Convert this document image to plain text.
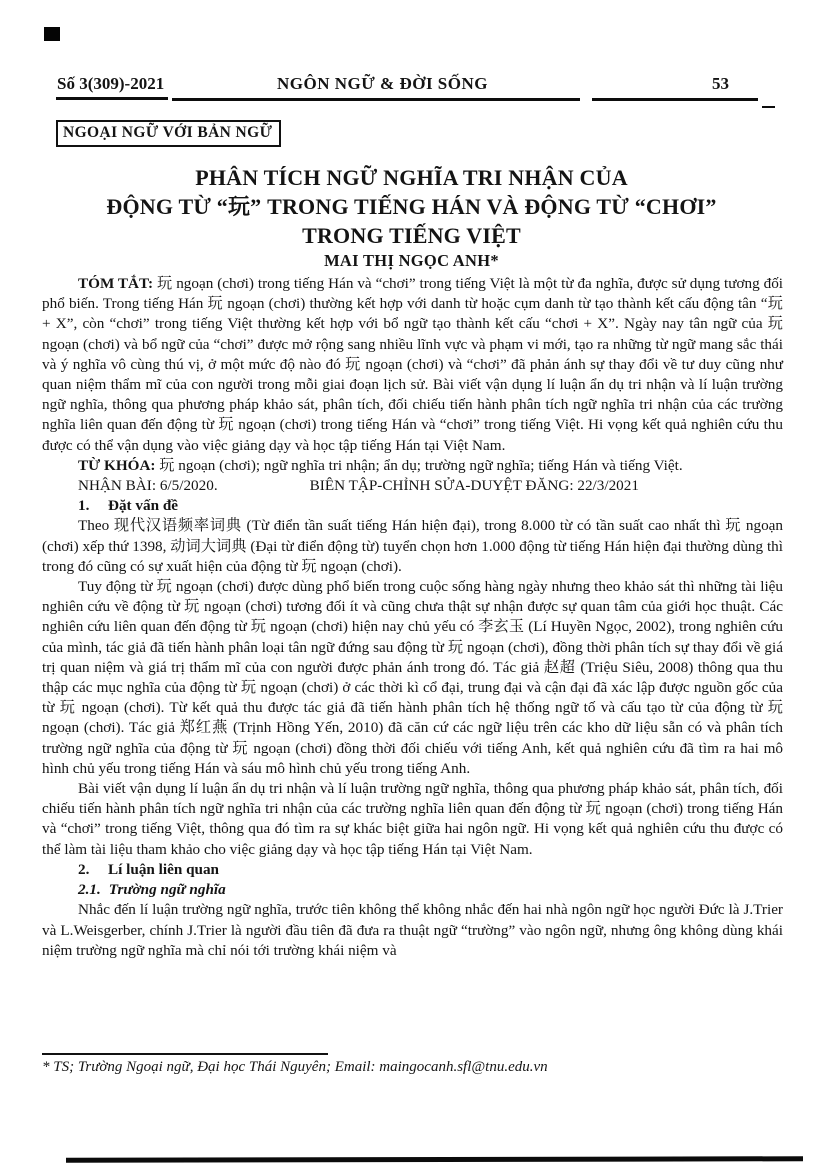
Số 3(309)-2021	NGÔN NGỮ & ĐỜI SỐNG	53
NGOẠI NGỮ VỚI BẢN NGỮ
PHÂN TÍCH NGỮ NGHĨA TRI NHẬN CỦA
ĐỘNG TỪ “玩” TRONG TIẾNG HÁN VÀ ĐỘNG TỪ “CHƠI”
TRONG TIẾNG VIỆT
MAI THỊ NGỌC ANH*

TÓM TẮT: 玩 ngoạn (chơi) trong tiếng Hán và “chơi” trong tiếng Việt là một từ đa nghĩa, được sử dụng tương đối phổ biến. Trong tiếng Hán 玩 ngoạn (chơi) thường kết hợp với danh từ hoặc cụm danh từ tạo thành kết cấu động tân “玩 + X”, còn “chơi” trong tiếng Việt thường kết hợp với bổ ngữ tạo thành kết cấu “chơi + X”. Ngày nay tân ngữ của 玩 ngoạn (chơi) và bổ ngữ của “chơi” được mở rộng sang nhiều lĩnh vực và phạm vi mới, tạo ra những từ ngữ mang sắc thái và ý nghĩa vô cùng thú vị, ở một mức độ nào đó 玩 ngoạn (chơi) và “chơi” đã phản ánh sự thay đổi về tư duy cũng như quan niệm thẩm mĩ của con người trong mỗi giai đoạn lịch sử. Bài viết vận dụng lí luận ẩn dụ tri nhận và lí luận trường ngữ nghĩa, thông qua phương pháp khảo sát, phân tích, đối chiếu tiến hành phân tích ngữ nghĩa tri nhận của các trường nghĩa liên quan đến động từ 玩 ngoạn (chơi) trong tiếng Hán và “chơi” trong tiếng Việt. Hi vọng kết quả nghiên cứu thu được có thể vận dụng vào việc giảng dạy và học tập tiếng Hán tại Việt Nam.

TỪ KHÓA: 玩 ngoạn (chơi); ngữ nghĩa tri nhận; ẩn dụ; trường ngữ nghĩa; tiếng Hán và tiếng Việt.

NHẬN BÀI: 6/5/2020.	BIÊN TẬP-CHỈNH SỬA-DUYỆT ĐĂNG: 22/3/2021

1. Đặt vấn đề

Theo 现代汉语频率词典 (Từ điển tần suất tiếng Hán hiện đại), trong 8.000 từ có tần suất cao nhất thì 玩 ngoạn (chơi) xếp thứ 1398, 动词大词典 (Đại từ điển động từ) tuyển chọn hơn 1.000 động từ tiếng Hán hiện đại thường dùng thì trong đó cũng có sự xuất hiện của động từ 玩 ngoạn (chơi).

Tuy động từ 玩 ngoạn (chơi) được dùng phổ biến trong cuộc sống hàng ngày nhưng theo khảo sát thì những tài liệu nghiên cứu về động từ 玩 ngoạn (chơi) tương đối ít và cũng chưa thật sự nhận được sự quan tâm của giới học thuật. Các nghiên cứu liên quan đến động từ 玩 ngoạn (chơi) hiện nay chủ yếu có 李玄玉 (Lí Huyền Ngọc, 2002), trong nghiên cứu của mình, tác giả đã tiến hành phân loại tân ngữ đứng sau động từ 玩 ngoạn (chơi), đồng thời phân tích sự thay đổi về giá trị quan niệm và giá trị thẩm mĩ của con người được phản ánh trong đó. Tác giả 赵超 (Triệu Siêu, 2008) thông qua thu thập các mục nghĩa của động từ 玩 ngoạn (chơi) ở các thời kì cổ đại, trung đại và cận đại đã xác lập được nguồn gốc của từ 玩 ngoạn (chơi). Từ kết quả thu được tác giả đã tiến hành phân tích hệ thống ngữ tố và cấu tạo từ của động từ 玩 ngoạn (chơi). Tác giả 郑红燕 (Trịnh Hồng Yến, 2010) đã căn cứ các ngữ liệu trên các kho dữ liệu sẵn có và phân tích trường ngữ nghĩa của động từ 玩 ngoạn (chơi) đồng thời đối chiếu với tiếng Anh, kết quả nghiên cứu đã tìm ra hai mô hình chủ yếu trong tiếng Hán và sáu mô hình chủ yếu trong tiếng Anh.

Bài viết vận dụng lí luận ẩn dụ tri nhận và lí luận trường ngữ nghĩa, thông qua phương pháp khảo sát, phân tích, đối chiếu tiến hành phân tích ngữ nghĩa tri nhận của các trường nghĩa liên quan đến động từ 玩 ngoạn (chơi) trong tiếng Hán và “chơi” trong tiếng Việt, thông qua đó tìm ra sự khác biệt giữa hai ngôn ngữ. Hi vọng kết quả nghiên cứu thu được có thể làm tài liệu tham khảo cho việc giảng dạy và học tập tiếng Hán tại Việt Nam.

2. Lí luận liên quan

2.1. Trường ngữ nghĩa

Nhắc đến lí luận trường ngữ nghĩa, trước tiên không thể không nhắc đến hai nhà ngôn ngữ học người Đức là J.Trier và L.Weisgerber, chính J.Trier là người đầu tiên đã đưa ra thuật ngữ “trường” vào ngôn ngữ, nhưng ông không dùng khái niệm trường ngữ nghĩa mà chỉ nói tới trường khái niệm và

* TS; Trường Ngoại ngữ, Đại học Thái Nguyên; Email: maingocanh.sfl@tnu.edu.vn
